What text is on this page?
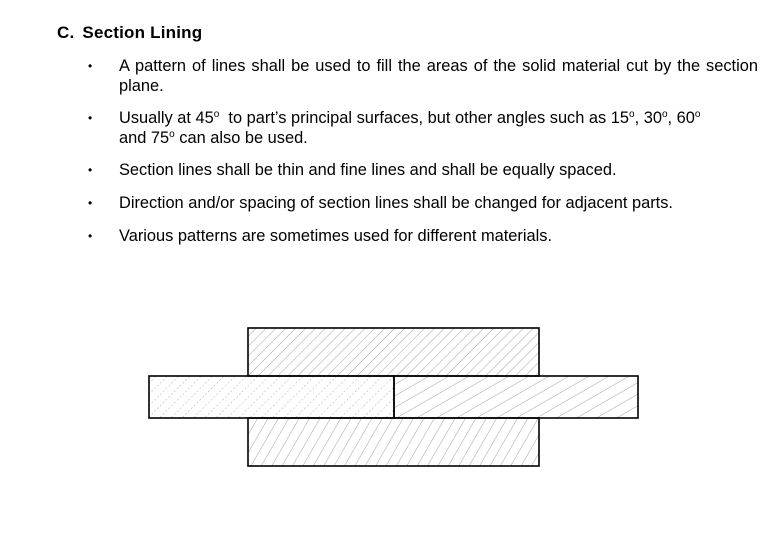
C. Section Lining
• A pattern of lines shall be used to fill the areas of the solid material cut by the section plane.
• Usually at 45$^o$  to part’s principal surfaces, but other angles such as 15$^o$, 30$^o$, 60$^o$
and 75$^o$ can also be used.
• Section lines shall be thin and fine lines and shall be equally spaced.
• Direction and/or spacing of section lines shall be changed for adjacent parts.
• Various patterns are sometimes used for different materials.
